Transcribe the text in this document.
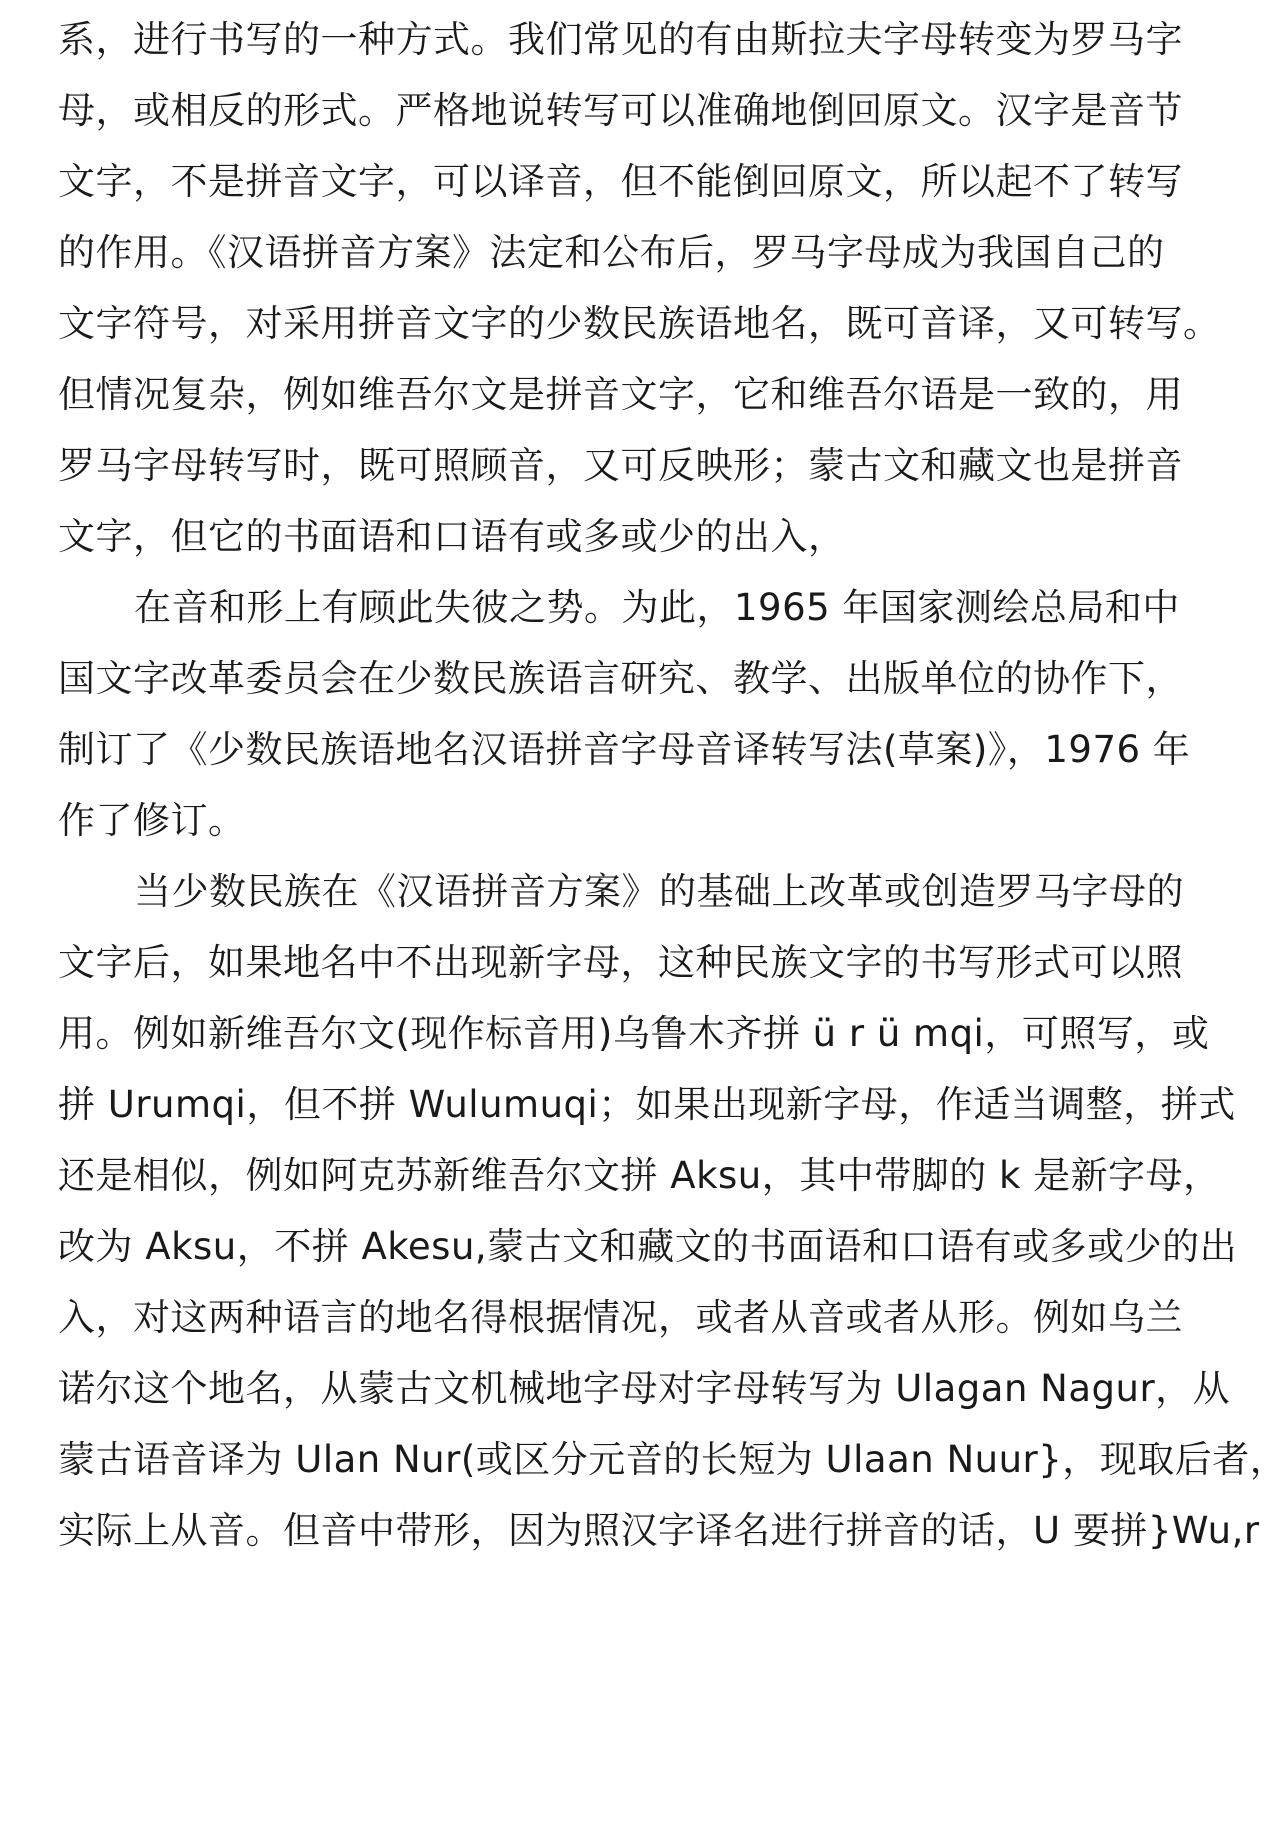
系，进行书写的一种方式。我们常见的有由斯拉夫字母转变为罗马字
母，或相反的形式。严格地说转写可以准确地倒回原文。汉字是音节
文字，不是拼音文字，可以译音，但不能倒回原文，所以起不了转写
的作用。《汉语拼音方案》法定和公布后，罗马字母成为我国自己的
文字符号，对采用拼音文字的少数民族语地名，既可音译，又可转写。
但情况复杂，例如维吾尔文是拼音文字，它和维吾尔语是一致的，用
罗马字母转写时，既可照顾音，又可反映形；蒙古文和藏文也是拼音
文字，但它的书面语和口语有或多或少的出入，
在音和形上有顾此失彼之势。为此，1965 年国家测绘总局和中
国文字改革委员会在少数民族语言研究、教学、出版单位的协作下，
制订了《少数民族语地名汉语拼音字母音译转写法(草案)》，1976 年
作了修订。
当少数民族在《汉语拼音方案》的基础上改革或创造罗马字母的
文字后，如果地名中不出现新字母，这种民族文字的书写形式可以照
用。例如新维吾尔文(现作标音用)乌鲁木齐拼 ü r ü mqi，可照写，或
拼 Urumqi，但不拼 Wulumuqi；如果出现新字母，作适当调整，拼式
还是相似，例如阿克苏新维吾尔文拼 Aksu，其中带脚的 k 是新字母，
改为 Aksu，不拼 Akesu,蒙古文和藏文的书面语和口语有或多或少的出
入，对这两种语言的地名得根据情况，或者从音或者从形。例如乌兰
诺尔这个地名，从蒙古文机械地字母对字母转写为 Ulagan Nagur，从
蒙古语音译为 Ulan Nur(或区分元音的长短为 Ulaan Nuur}，现取后者，
实际上从音。但音中带形，因为照汉字译名进行拼音的话，U 要拼}Wu,r
